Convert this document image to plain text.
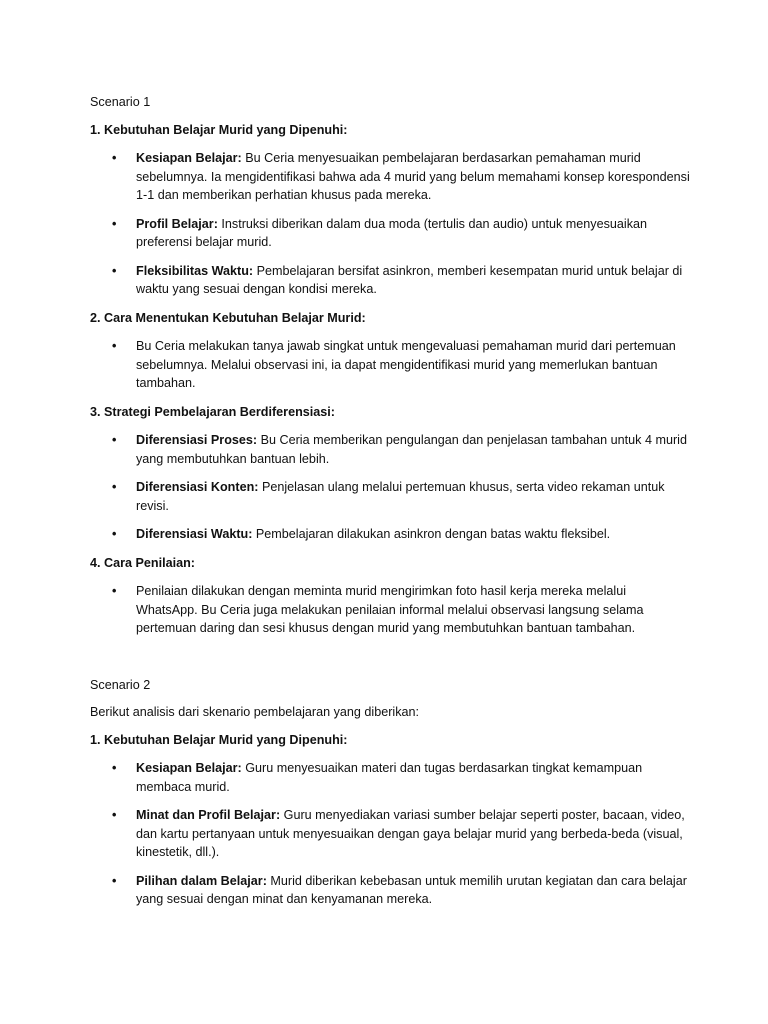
Scenario 1

1. Kebutuhan Belajar Murid yang Dipenuhi:

• Kesiapan Belajar: Bu Ceria menyesuaikan pembelajaran berdasarkan pemahaman murid sebelumnya. Ia mengidentifikasi bahwa ada 4 murid yang belum memahami konsep korespondensi 1-1 dan memberikan perhatian khusus pada mereka.
• Profil Belajar: Instruksi diberikan dalam dua moda (tertulis dan audio) untuk menyesuaikan preferensi belajar murid.
• Fleksibilitas Waktu: Pembelajaran bersifat asinkron, memberi kesempatan murid untuk belajar di waktu yang sesuai dengan kondisi mereka.

2. Cara Menentukan Kebutuhan Belajar Murid:

• Bu Ceria melakukan tanya jawab singkat untuk mengevaluasi pemahaman murid dari pertemuan sebelumnya. Melalui observasi ini, ia dapat mengidentifikasi murid yang memerlukan bantuan tambahan.

3. Strategi Pembelajaran Berdiferensiasi:

• Diferensiasi Proses: Bu Ceria memberikan pengulangan dan penjelasan tambahan untuk 4 murid yang membutuhkan bantuan lebih.
• Diferensiasi Konten: Penjelasan ulang melalui pertemuan khusus, serta video rekaman untuk revisi.
• Diferensiasi Waktu: Pembelajaran dilakukan asinkron dengan batas waktu fleksibel.

4. Cara Penilaian:

• Penilaian dilakukan dengan meminta murid mengirimkan foto hasil kerja mereka melalui WhatsApp. Bu Ceria juga melakukan penilaian informal melalui observasi langsung selama pertemuan daring dan sesi khusus dengan murid yang membutuhkan bantuan tambahan.

Scenario 2

Berikut analisis dari skenario pembelajaran yang diberikan:

1. Kebutuhan Belajar Murid yang Dipenuhi:

• Kesiapan Belajar: Guru menyesuaikan materi dan tugas berdasarkan tingkat kemampuan membaca murid.
• Minat dan Profil Belajar: Guru menyediakan variasi sumber belajar seperti poster, bacaan, video, dan kartu pertanyaan untuk menyesuaikan dengan gaya belajar murid yang berbeda-beda (visual, kinestetik, dll.).
• Pilihan dalam Belajar: Murid diberikan kebebasan untuk memilih urutan kegiatan dan cara belajar yang sesuai dengan minat dan kenyamanan mereka.
